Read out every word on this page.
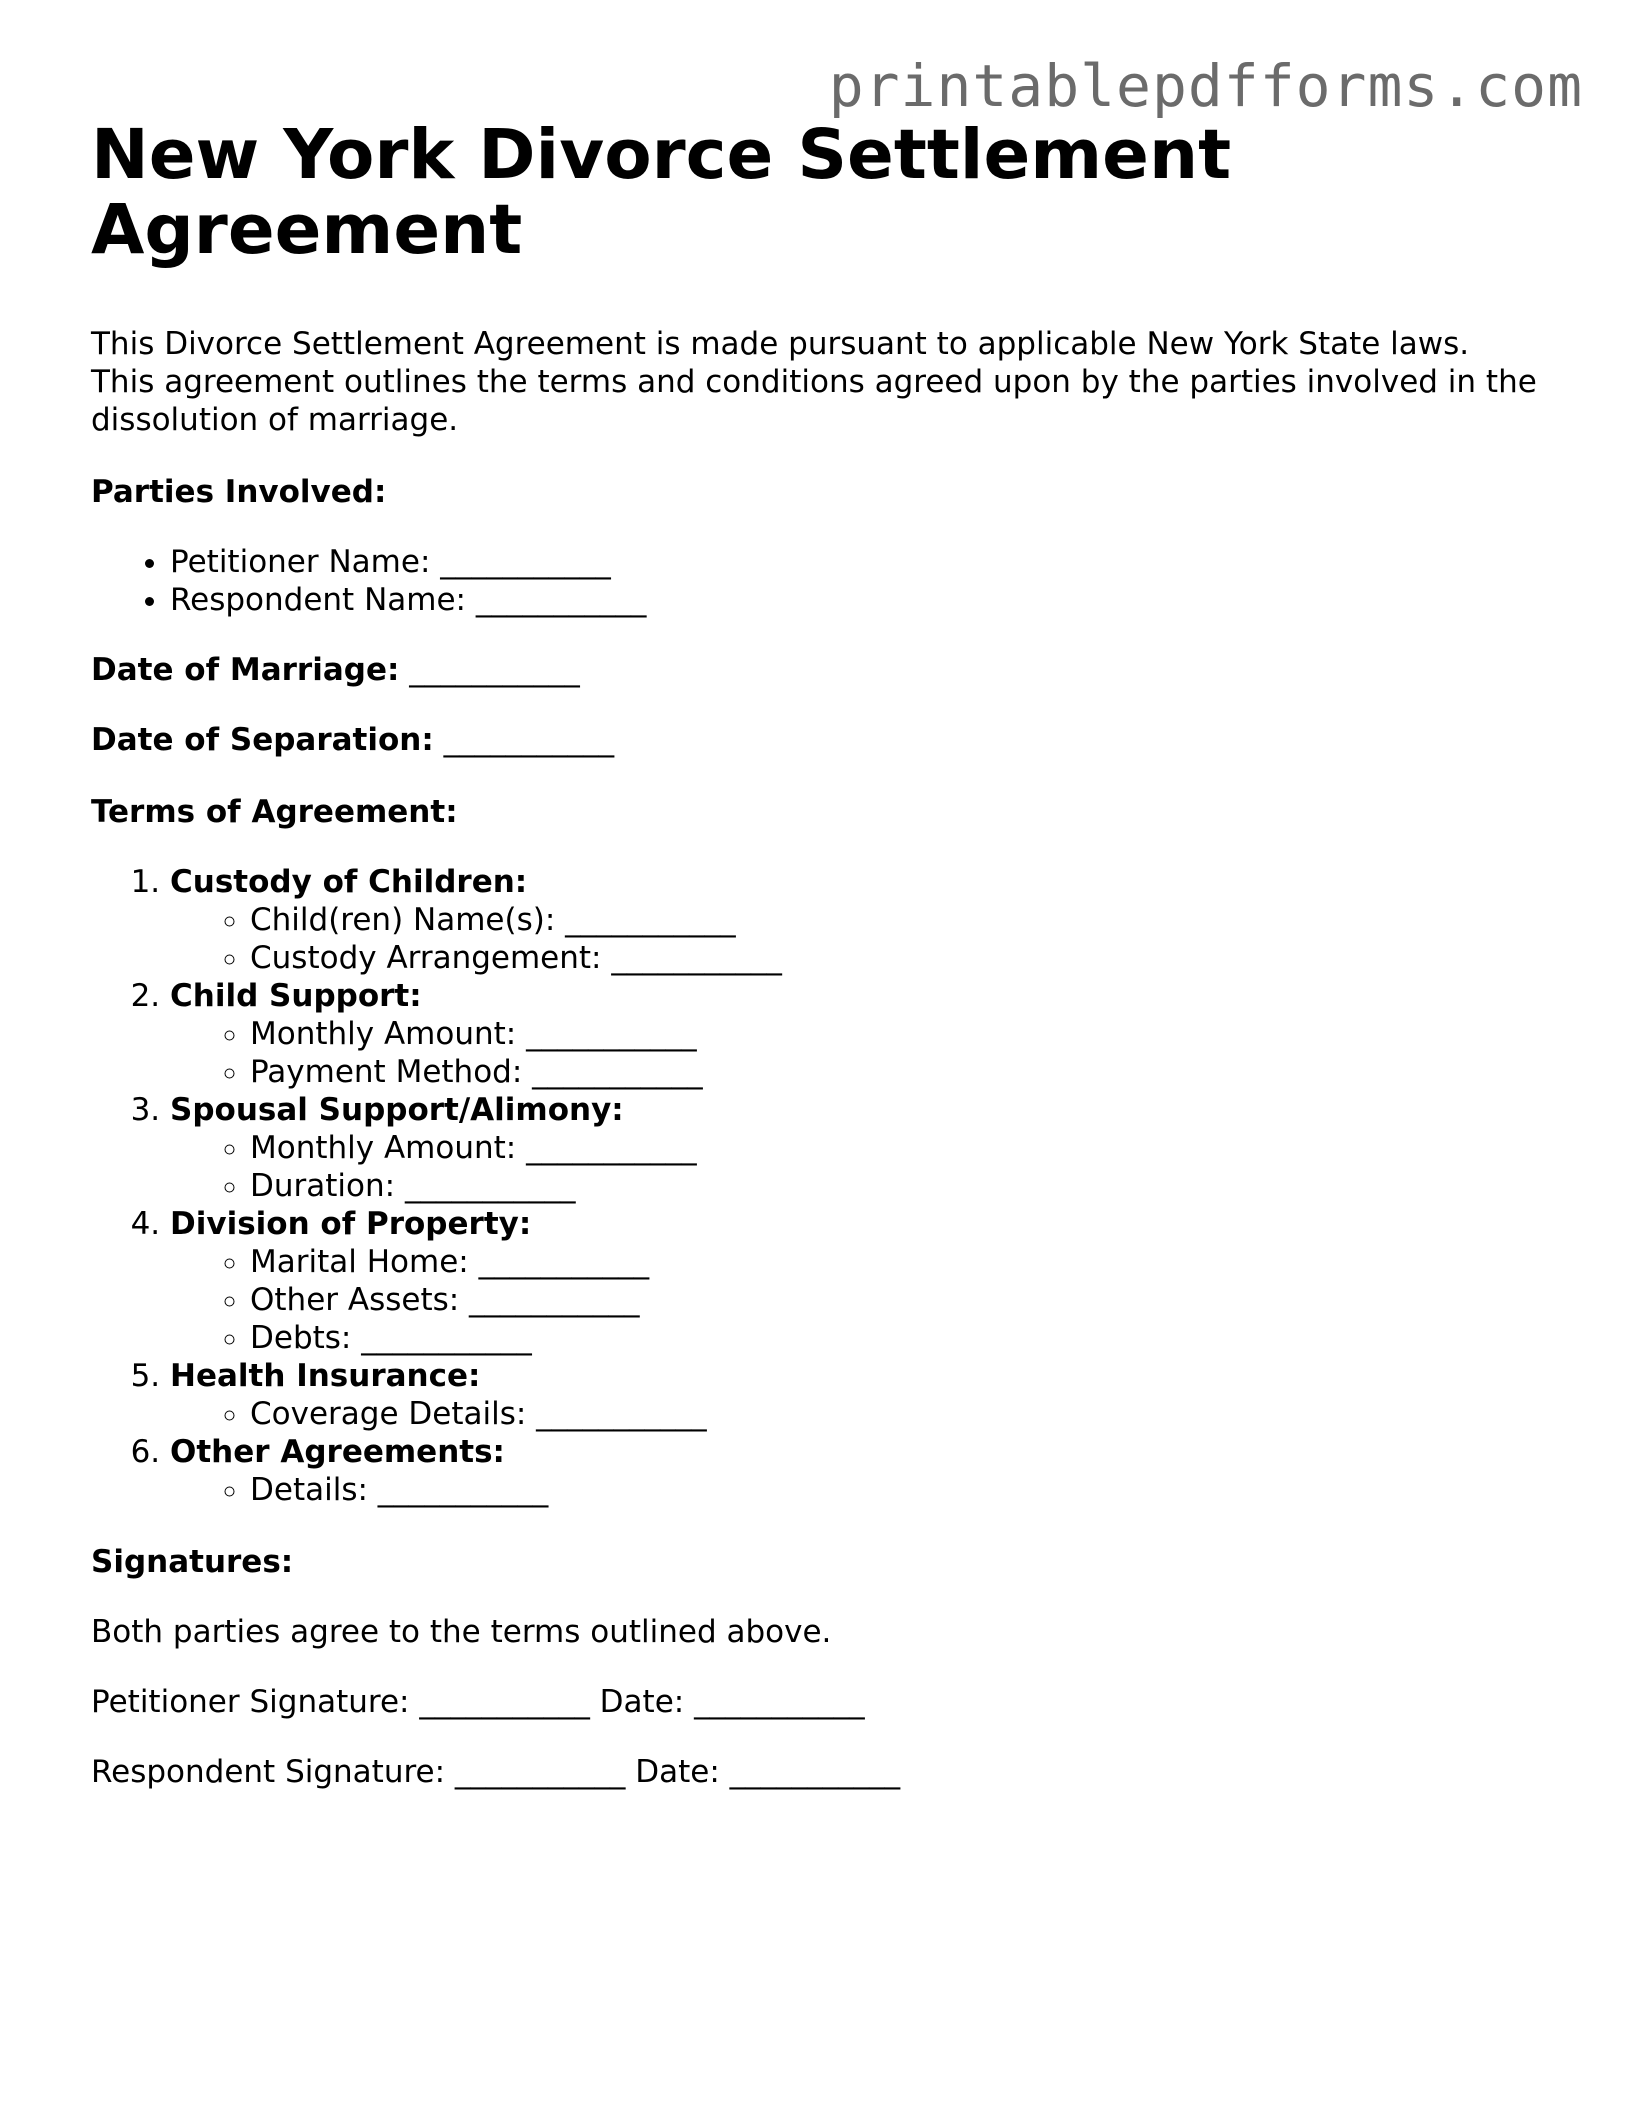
printablepdfforms.com
New York Divorce Settlement Agreement

This Divorce Settlement Agreement is made pursuant to applicable New York State laws. This agreement outlines the terms and conditions agreed upon by the parties involved in the dissolution of marriage.

Parties Involved:

• Petitioner Name: ___________
• Respondent Name: ___________

Date of Marriage: ___________

Date of Separation: ___________

Terms of Agreement:

1. Custody of Children:
◦ Child(ren) Name(s): ___________
◦ Custody Arrangement: ___________
2. Child Support:
◦ Monthly Amount: ___________
◦ Payment Method: ___________
3. Spousal Support/Alimony:
◦ Monthly Amount: ___________
◦ Duration: ___________
4. Division of Property:
◦ Marital Home: ___________
◦ Other Assets: ___________
◦ Debts: ___________
5. Health Insurance:
◦ Coverage Details: ___________
6. Other Agreements:
◦ Details: ___________

Signatures:

Both parties agree to the terms outlined above.

Petitioner Signature: ___________ Date: ___________

Respondent Signature: ___________ Date: ___________
